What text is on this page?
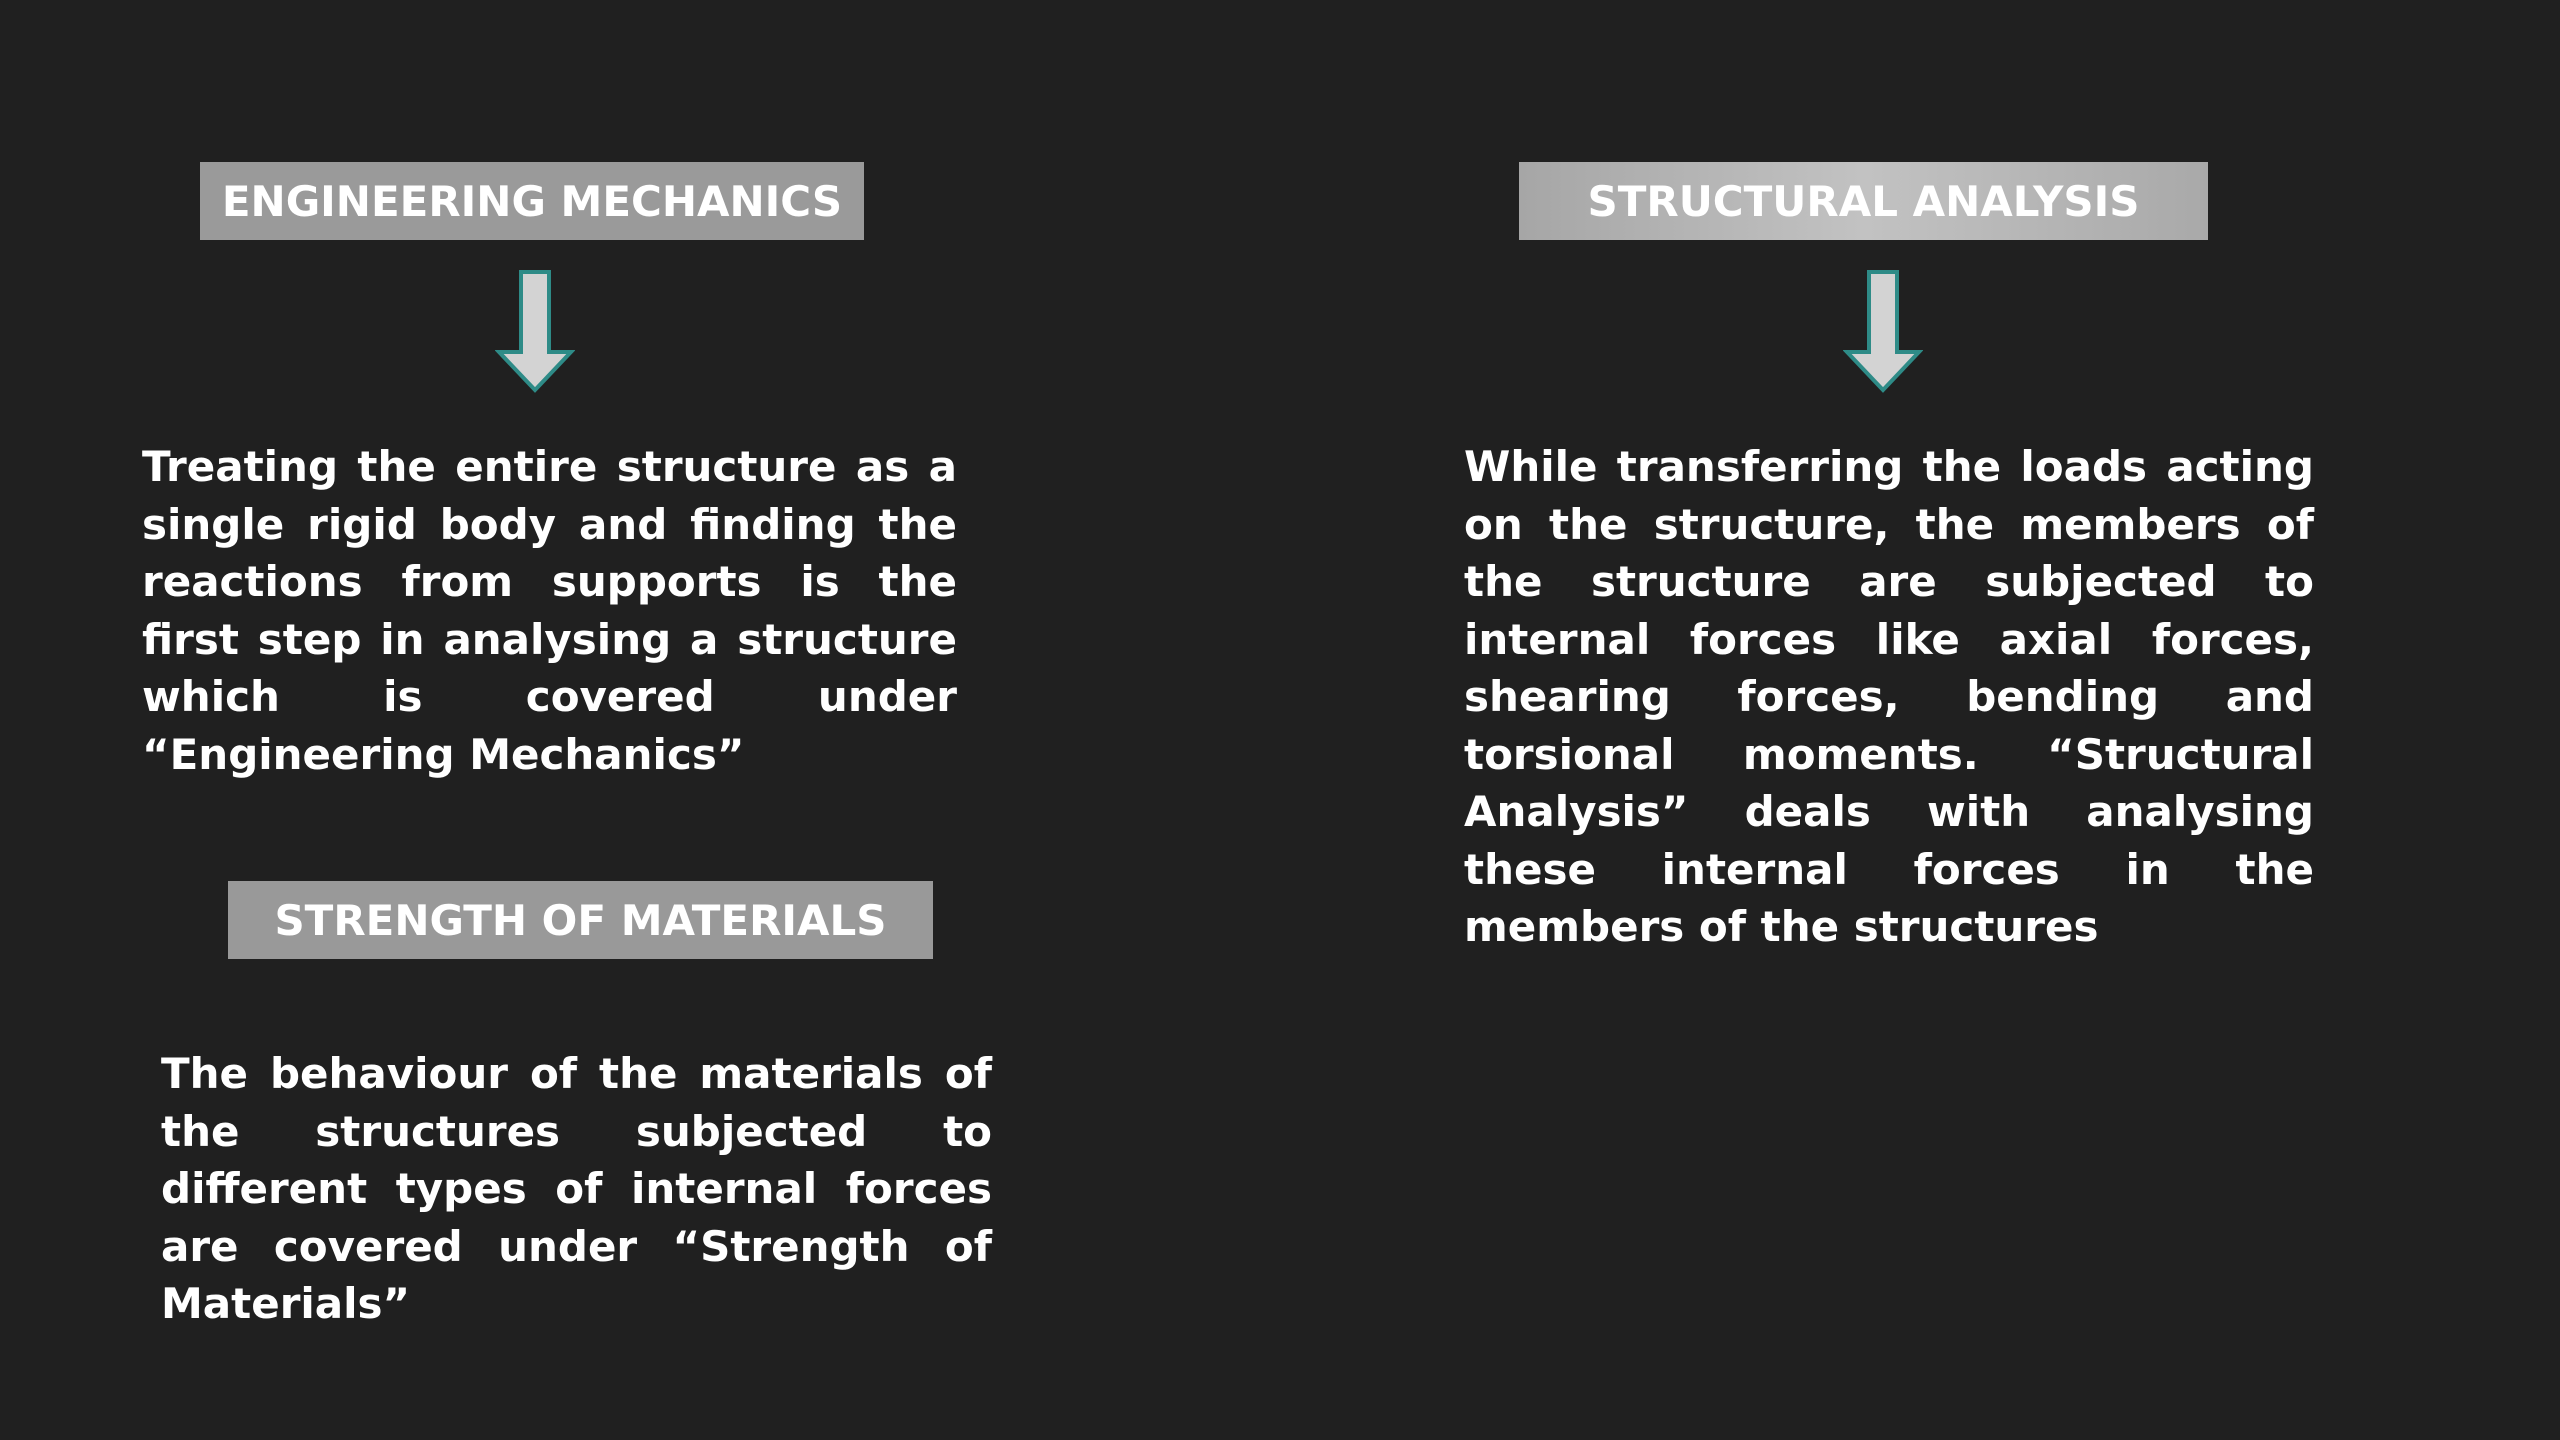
ENGINEERING MECHANICS

Treating the entire structure as a single rigid body and finding the reactions from supports is the first step in analysing a structure which is covered under “Engineering Mechanics”

STRENGTH OF MATERIALS

The behaviour of the materials of the structures subjected to different types of internal forces are covered under “Strength of Materials”

STRUCTURAL ANALYSIS

While transferring the loads acting on the structure, the members of the structure are subjected to internal forces like axial forces, shearing forces, bending and torsional moments. “Structural Analysis” deals with analysing these internal forces in the members of the structures
